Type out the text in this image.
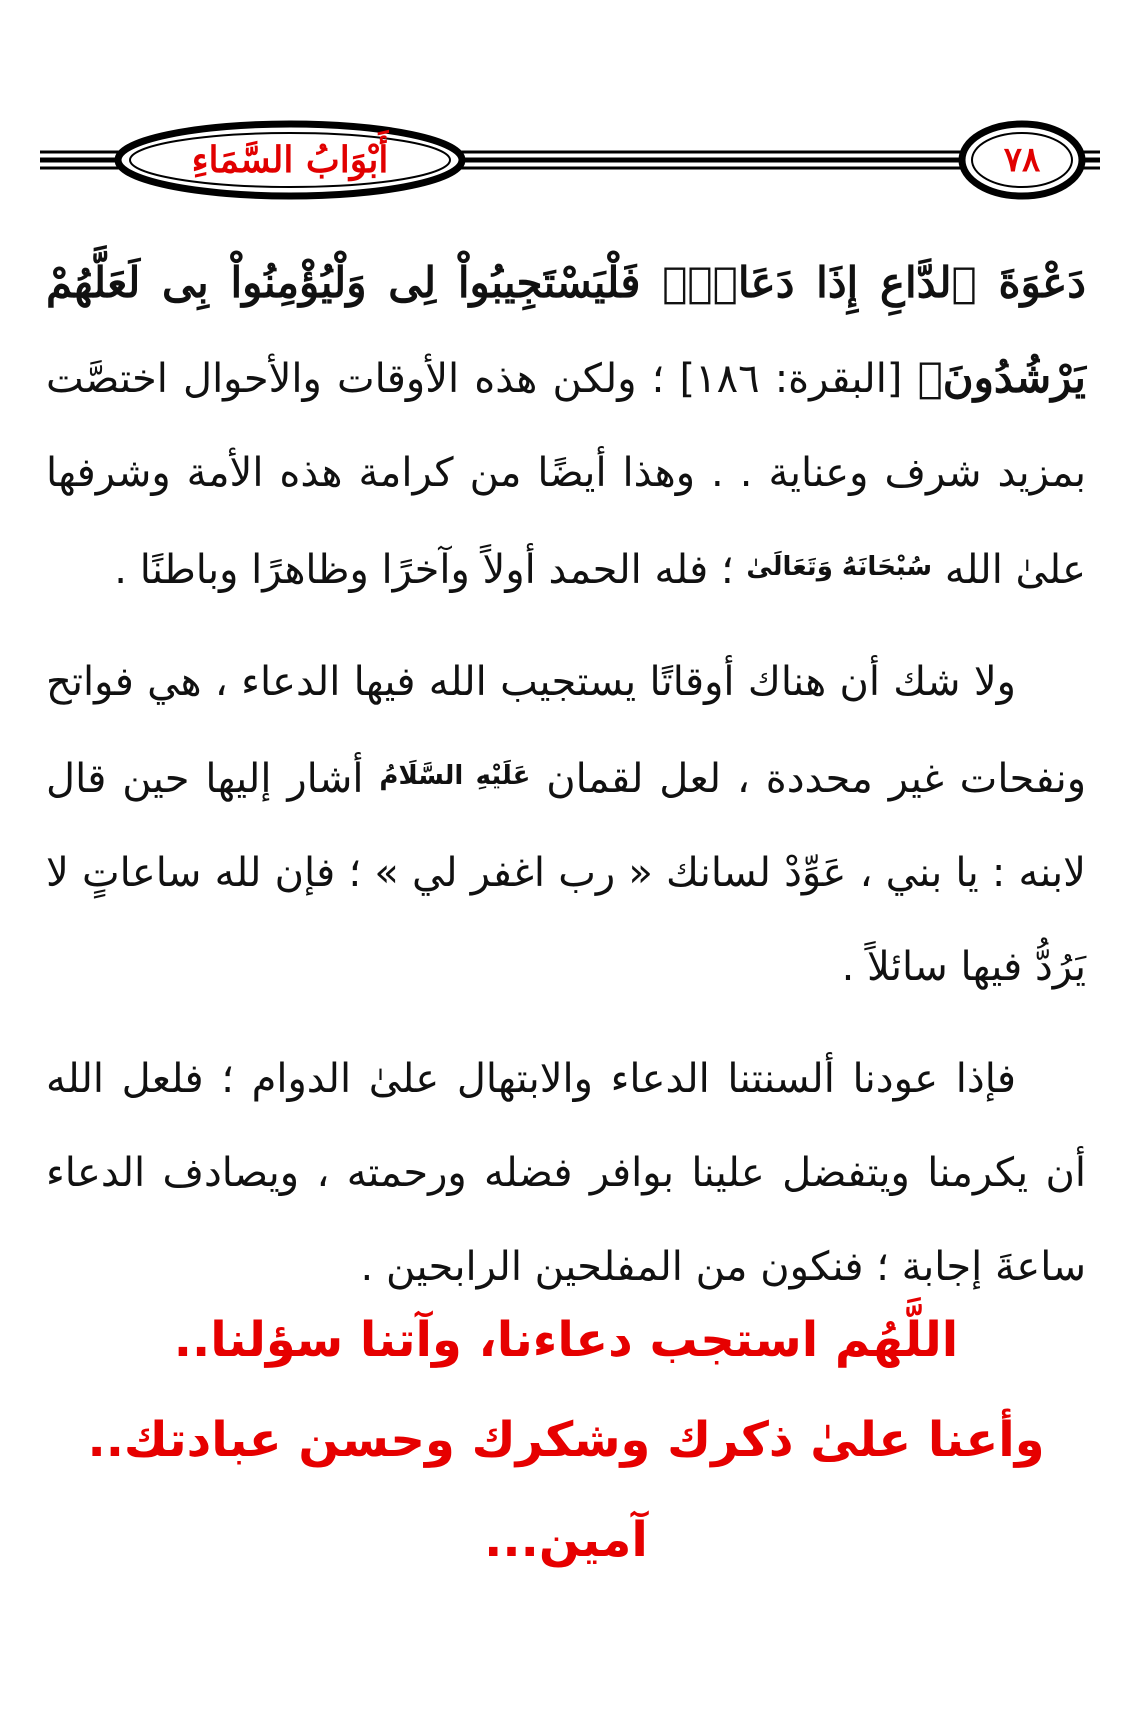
أَبْوَابُ السَّمَاءِ	٧٨

دَعْوَةَ ٱلدَّاعِ إِذَا دَعَانِۖ فَلْيَسْتَجِيبُواْ لِى وَلْيُؤْمِنُواْ بِى لَعَلَّهُمْ يَرْشُدُونَ﴾ [البقرة: ١٨٦] ؛ ولكن هذه الأوقات والأحوال اختصَّت بمزيد شرف وعناية . . وهذا أيضًا من كرامة هذه الأمة وشرفها علىٰ الله $^{سُبْحَانَهُ وَتَعَالَىٰ}$ ؛ فله الحمد أولاً وآخرًا وظاهرًا وباطنًا .

ولا شك أن هناك أوقاتًا يستجيب الله فيها الدعاء ، هي فواتح ونفحات غير محددة ، لعل لقمان $^{عَلَيْهِ السَّلَامُ}$ أشار إليها حين قال لابنه : يا بني ، عَوِّدْ لسانك « رب اغفر لي » ؛ فإن لله ساعاتٍ لا يَرُدُّ فيها سائلاً .

فإذا عودنا ألسنتنا الدعاء والابتهال علىٰ الدوام ؛ فلعل الله أن يكرمنا ويتفضل علينا بوافر فضله ورحمته ، ويصادف الدعاء ساعةَ إجابة ؛ فنكون من المفلحين الرابحين .

اللَّهُم استجب دعاءنا، وآتنا سؤلنا..
وأعنا علىٰ ذكرك وشكرك وحسن عبادتك..
آمين...
